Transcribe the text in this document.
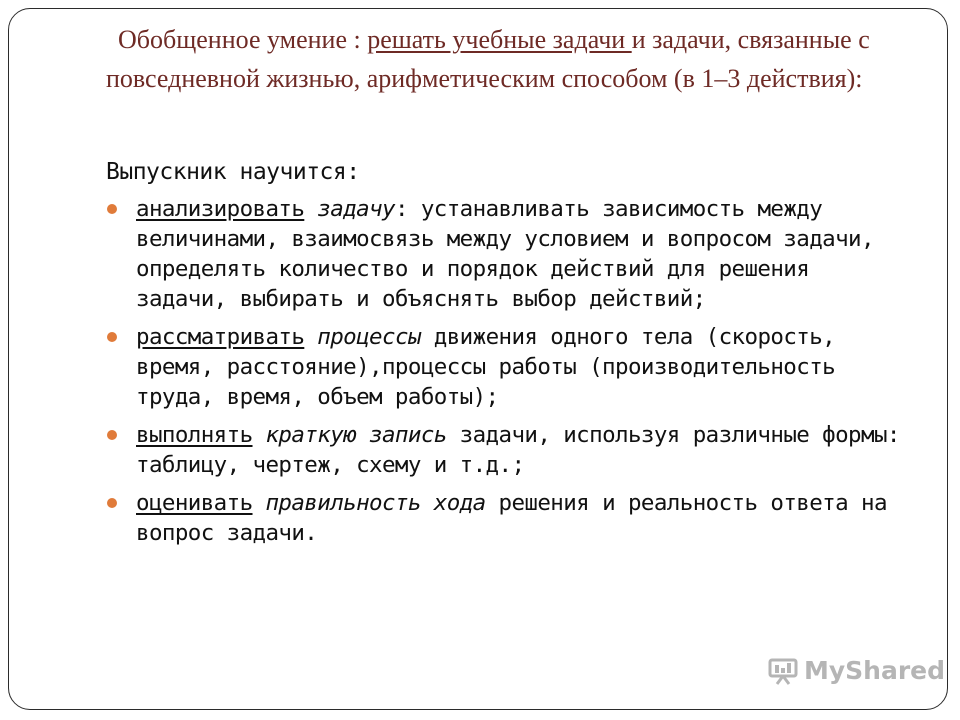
Обобщенное умение : решать учебные задачи и задачи, связанные с повседневной жизнью, арифметическим способом (в 1–3 действия):
Выпускник научится:
анализировать задачу: устанавливать зависимость между величинами, взаимосвязь между условием и вопросом задачи, определять количество и порядок действий для решения задачи, выбирать и объяснять выбор действий;
рассматривать процессы движения одного тела (скорость, время, расстояние),процессы работы (производительность труда, время, объем работы);
выполнять краткую запись задачи, используя различные формы: таблицу, чертеж, схему и т.д.;
оценивать правильность хода решения и реальность ответа на вопрос задачи.
MyShared
